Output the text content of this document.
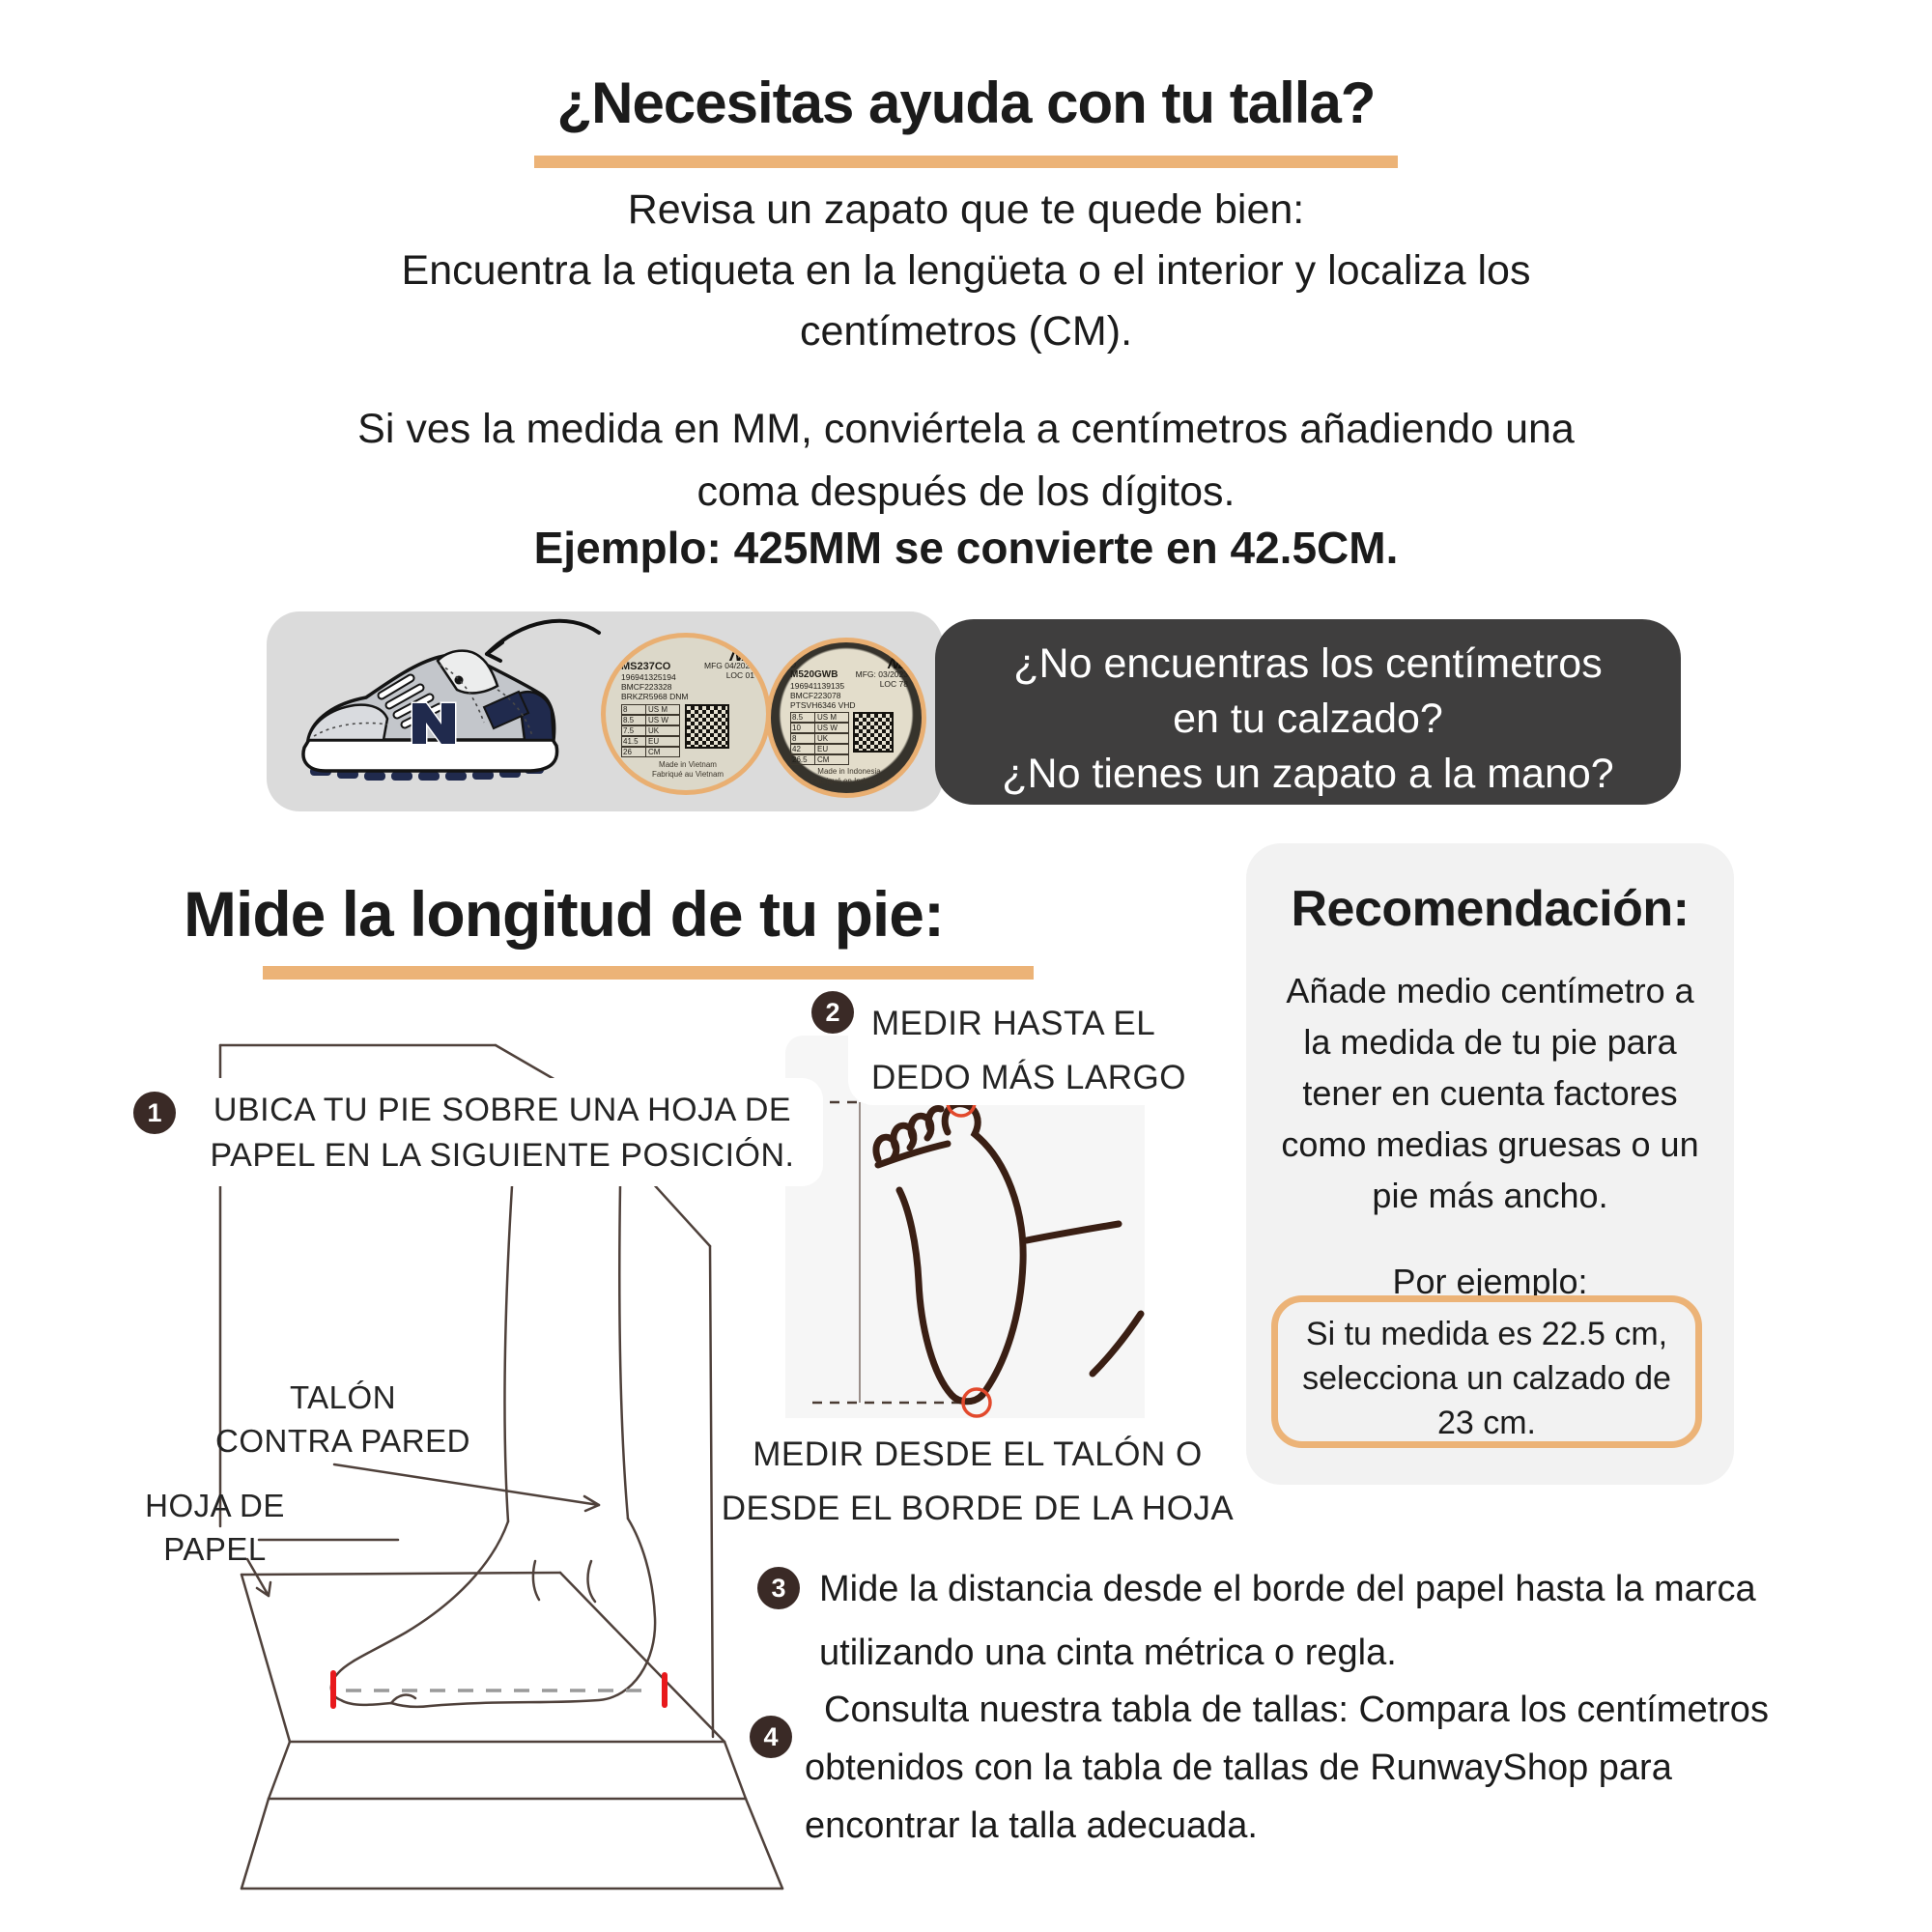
¿Necesitas ayuda con tu talla?
Revisa un zapato que te quede bien:
Encuentra la etiqueta en la lengüeta o el interior y localiza los
centímetros (CM).
Si ves la medida en MM, conviértela a centímetros añadiendo una
coma después de los dígitos.
Ejemplo: 425MM se convierte en 42.5CM.
D
MS237CO
196941325194
BMCF223328
BRKZR5968 DNM
NB
MFG 04/2023
LOC 01
8	US M
8.5	US W
7.5	UK
41.5	EU
26	CM
Made in Vietnam
Fabriqué au Vietnam
D
M520GWB
196941139135
BMCF223078
PTSVH6346 VHD
NB
MFG: 03/2023
LOC 78
8.5	US M
10	US W
8	UK
42	EU
26.5	CM
Made in Indonesia
Fabriqué en Indonésie
¿No encuentras los centímetros
en tu calzado?
¿No tienes un zapato a la mano?
Mide la longitud de tu pie:
1	UBICA TU PIE SOBRE UNA HOJA DE
PAPEL EN LA SIGUIENTE POSICIÓN.
TALÓN
CONTRA PARED
HOJA DE
PAPEL
2 MEDIR HASTA EL
DEDO MÁS LARGO
MEDIR DESDE EL TALÓN O
DESDE EL BORDE DE LA HOJA
3 Mide la distancia desde el borde del papel hasta la marca
utilizando una cinta métrica o regla.
4
Consulta nuestra tabla de tallas: Compara los centímetros
obtenidos con la tabla de tallas de RunwayShop para
encontrar la talla adecuada.
Recomendación:
Añade medio centímetro a
la medida de tu pie para
tener en cuenta factores
como medias gruesas o un
pie más ancho.
Por ejemplo:
Si tu medida es 22.5 cm,
selecciona un calzado de
23 cm.
